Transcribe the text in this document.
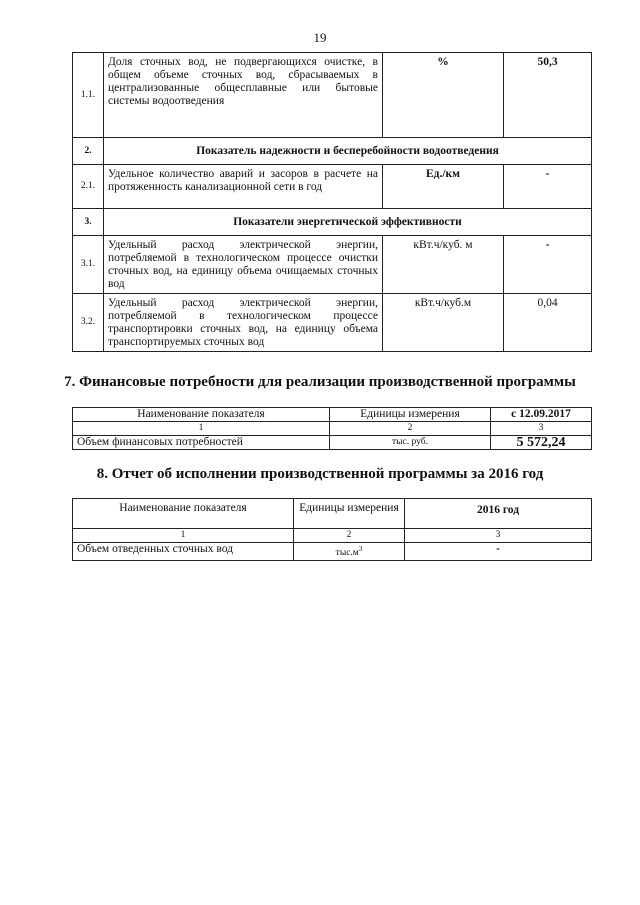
19
1.1.	Доля сточных вод, не подвергающихся очистке, в общем объеме сточных вод, сбрасываемых в централизованные общесплавные или бытовые системы водоотведения	%	50,3
2.	Показатель надежности и бесперебойности водоотведения		
2.1.	Удельное количество аварий и засоров в расчете на протяженность канализационной сети в год	Ед./км	-
3.	Показатели энергетической эффективности		
3.1.	Удельный расход электрической энергии, потребляемой в технологическом процессе очистки сточных вод, на единицу объема очищаемых сточных вод	кВт.ч/куб. м	-
3.2.	Удельный расход электрической энергии, потребляемой в технологическом процессе транспортировки сточных вод, на единицу объема транспортируемых сточных вод	кВт.ч/куб.м	0,04
7. Финансовые потребности для реализации производственной программы
Наименование показателя	Единицы измерения	с 12.09.2017
1	2	3
Объем финансовых потребностей	тыс. руб.	5 572,24
8. Отчет об исполнении производственной программы за 2016 год
Наименование показателя	Единицы измерения	2016 год
1	2	3
Объем отведенных сточных вод	$тыс.м^3$	-
